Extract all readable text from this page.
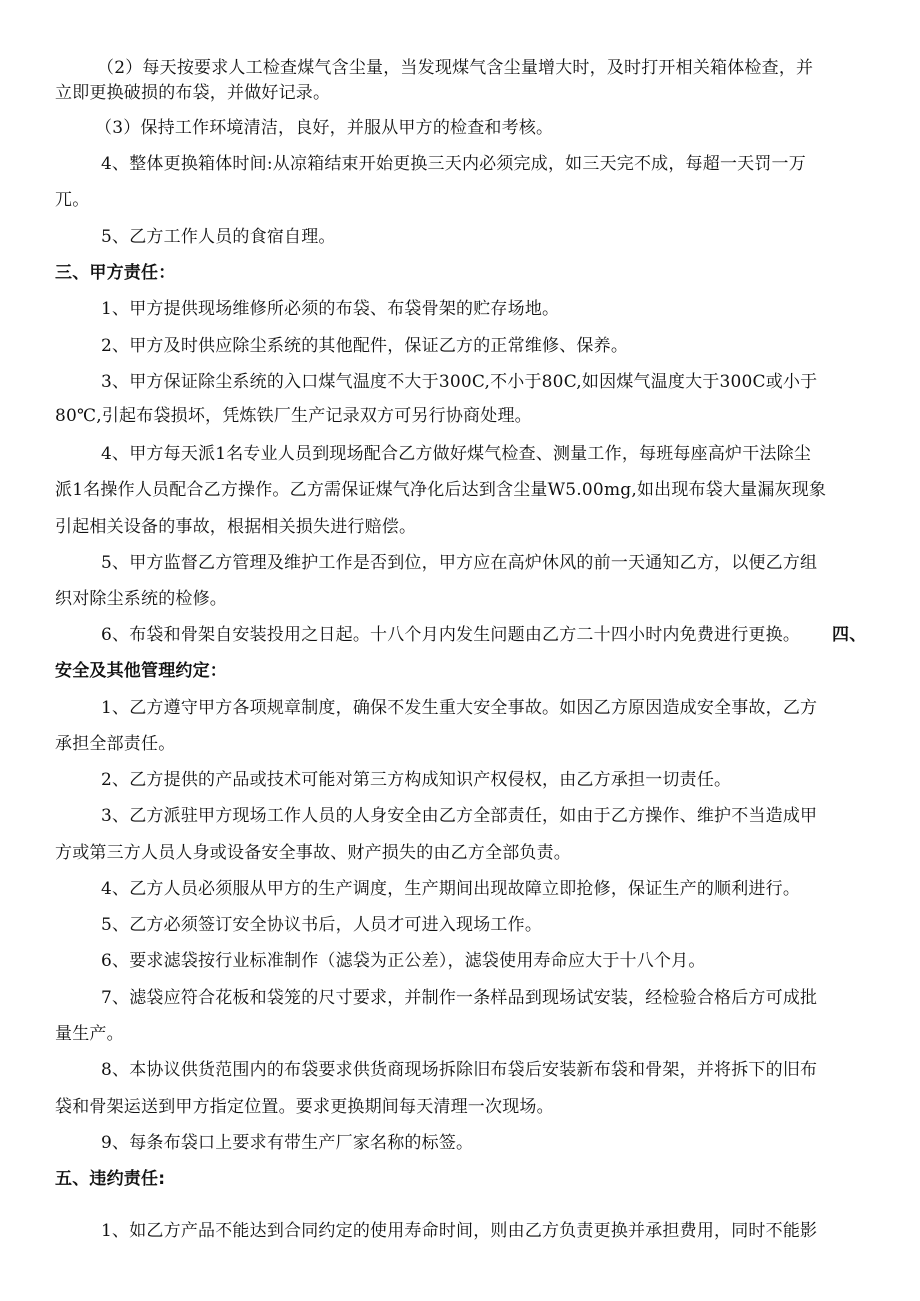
（2）每天按要求人工检查煤气含尘量，当发现煤气含尘量增大时，及时打开相关箱体检查，并
立即更换破损的布袋，并做好记录。
（3）保持工作环境清洁，良好，并服从甲方的检查和考核。
4、整体更换箱体时间:从凉箱结束开始更换三天内必须完成，如三天完不成，每超一天罚一万
兀。
5、乙方工作人员的食宿自理。
三、甲方责任：
1、甲方提供现场维修所必须的布袋、布袋骨架的贮存场地。
2、甲方及时供应除尘系统的其他配件，保证乙方的正常维修、保养。
3、甲方保证除尘系统的入口煤气温度不大于300C,不小于80C,如因煤气温度大于300C或小于
80℃,引起布袋损坏，凭炼铁厂生产记录双方可另行协商处理。
4、甲方每天派1名专业人员到现场配合乙方做好煤气检查、测量工作，每班每座高炉干法除尘
派1名操作人员配合乙方操作。乙方需保证煤气净化后达到含尘量W5.00mg,如出现布袋大量漏灰现象
引起相关设备的事故，根据相关损失进行赔偿。
5、甲方监督乙方管理及维护工作是否到位，甲方应在高炉休风的前一天通知乙方，以便乙方组
织对除尘系统的检修。
6、布袋和骨架自安装投用之日起。十八个月内发生问题由乙方二十四小时内免费进行更换。 四、
安全及其他管理约定：
1、乙方遵守甲方各项规章制度，确保不发生重大安全事故。如因乙方原因造成安全事故，乙方
承担全部责任。
2、乙方提供的产品或技术可能对第三方构成知识产权侵权，由乙方承担一切责任。
3、乙方派驻甲方现场工作人员的人身安全由乙方全部责任，如由于乙方操作、维护不当造成甲
方或第三方人员人身或设备安全事故、财产损失的由乙方全部负责。
4、乙方人员必须服从甲方的生产调度，生产期间出现故障立即抢修，保证生产的顺利进行。
5、乙方必须签订安全协议书后，人员才可进入现场工作。
6、要求滤袋按行业标准制作（滤袋为正公差），滤袋使用寿命应大于十八个月。
7、滤袋应符合花板和袋笼的尺寸要求，并制作一条样品到现场试安装，经检验合格后方可成批
量生产。
8、本协议供货范围内的布袋要求供货商现场拆除旧布袋后安装新布袋和骨架，并将拆下的旧布
袋和骨架运送到甲方指定位置。要求更换期间每天清理一次现场。
9、每条布袋口上要求有带生产厂家名称的标签。
五、违约责任:
1、如乙方产品不能达到合同约定的使用寿命时间，则由乙方负责更换并承担费用，同时不能影
